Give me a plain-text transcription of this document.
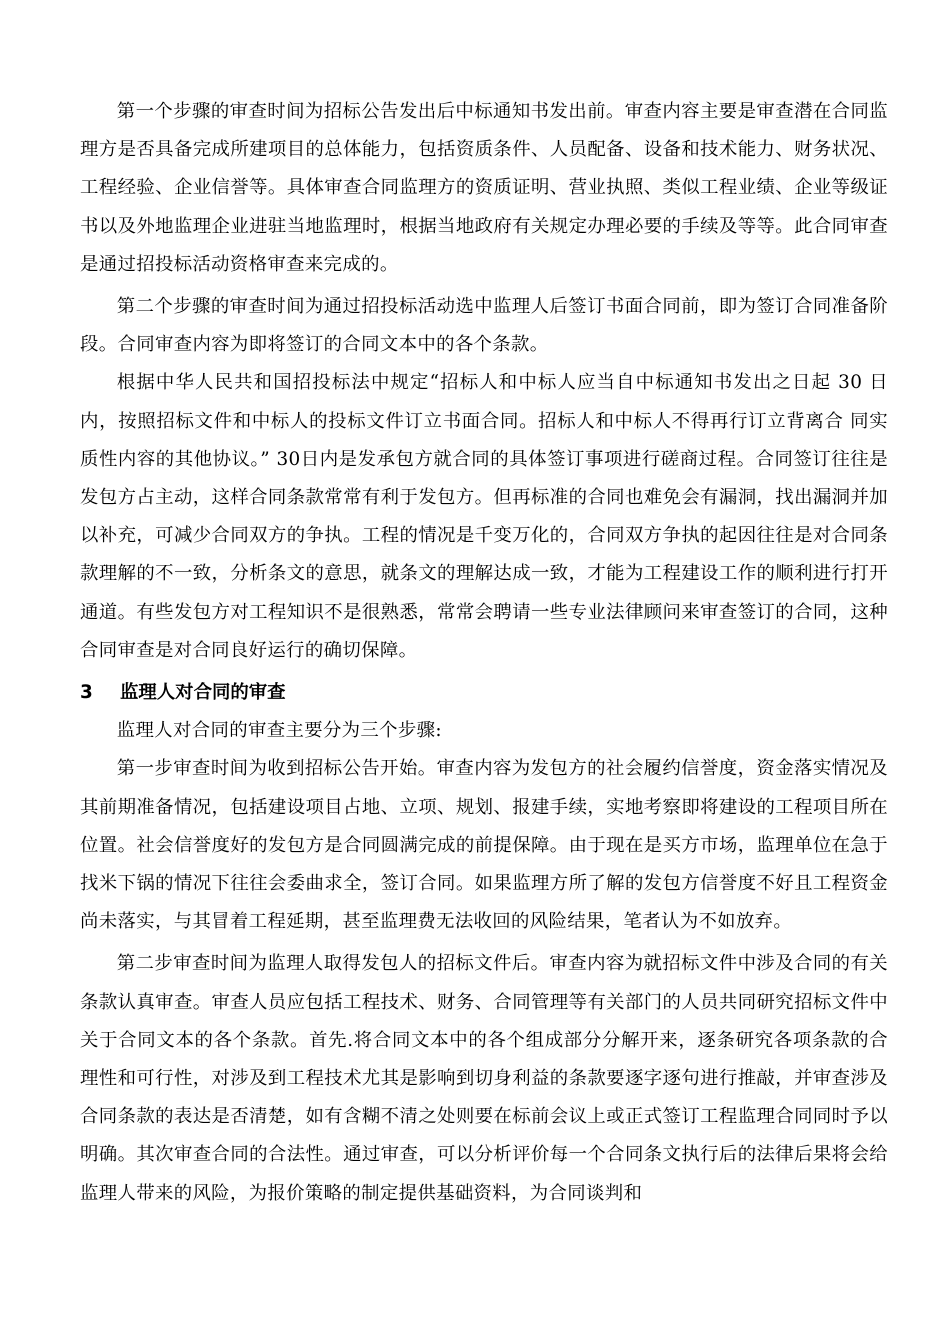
第一个步骤的审查时间为招标公告发出后中标通知书发出前。审查内容主要是审查潜在合同监理方是否具备完成所建项目的总体能力，包括资质条件、人员配备、设备和技术能力、财务状况、工程经验、企业信誉等。具体审查合同监理方的资质证明、营业执照、类似工程业绩、企业等级证书以及外地监理企业进驻当地监理时，根据当地政府有关规定办理必要的手续及等等。此合同审查是通过招投标活动资格审查来完成的。

第二个步骤的审查时间为通过招投标活动选中监理人后签订书面合同前，即为签订合同准备阶段。合同审查内容为即将签订的合同文本中的各个条款。

根据中华人民共和国招投标法中规定“招标人和中标人应当自中标通知书发出之日起 30 日内，按照招标文件和中标人的投标文件订立书面合同。招标人和中标人不得再行订立背离合 同实质性内容的其他协议。” 30日内是发承包方就合同的具体签订事项进行磋商过程。合同签订往往是发包方占主动，这样合同条款常常有利于发包方。但再标准的合同也难免会有漏洞，找出漏洞并加以补充，可减少合同双方的争执。工程的情况是千变万化的，合同双方争执的起因往往是对合同条款理解的不一致，分析条文的意思，就条文的理解达成一致，才能为工程建设工作的顺利进行打开通道。有些发包方对工程知识不是很熟悉，常常会聘请一些专业法律顾问来审查签订的合同，这种合同审查是对合同良好运行的确切保障。

3	监理人对合同的审查

监理人对合同的审查主要分为三个步骤:

第一步审查时间为收到招标公告开始。审查内容为发包方的社会履约信誉度，资金落实情况及其前期准备情况，包括建设项目占地、立项、规划、报建手续，实地考察即将建设的工程项目所在位置。社会信誉度好的发包方是合同圆满完成的前提保障。由于现在是买方市场，监理单位在急于找米下锅的情况下往往会委曲求全，签订合同。如果监理方所了解的发包方信誉度不好且工程资金尚未落实，与其冒着工程延期，甚至监理费无法收回的风险结果，笔者认为不如放弃。

第二步审查时间为监理人取得发包人的招标文件后。审查内容为就招标文件中涉及合同的有关条款认真审查。审查人员应包括工程技术、财务、合同管理等有关部门的人员共同研究招标文件中关于合同文本的各个条款。首先.将合同文本中的各个组成部分分解开来，逐条研究各项条款的合理性和可行性，对涉及到工程技术尤其是影响到切身利益的条款要逐字逐句进行推敲，并审查涉及合同条款的表达是否清楚，如有含糊不清之处则要在标前会议上或正式签订工程监理合同同时予以明确。其次审查合同的合法性。通过审查，可以分析评价每一个合同条文执行后的法律后果将会给监理人带来的风险，为报价策略的制定提供基础资料，为合同谈判和
